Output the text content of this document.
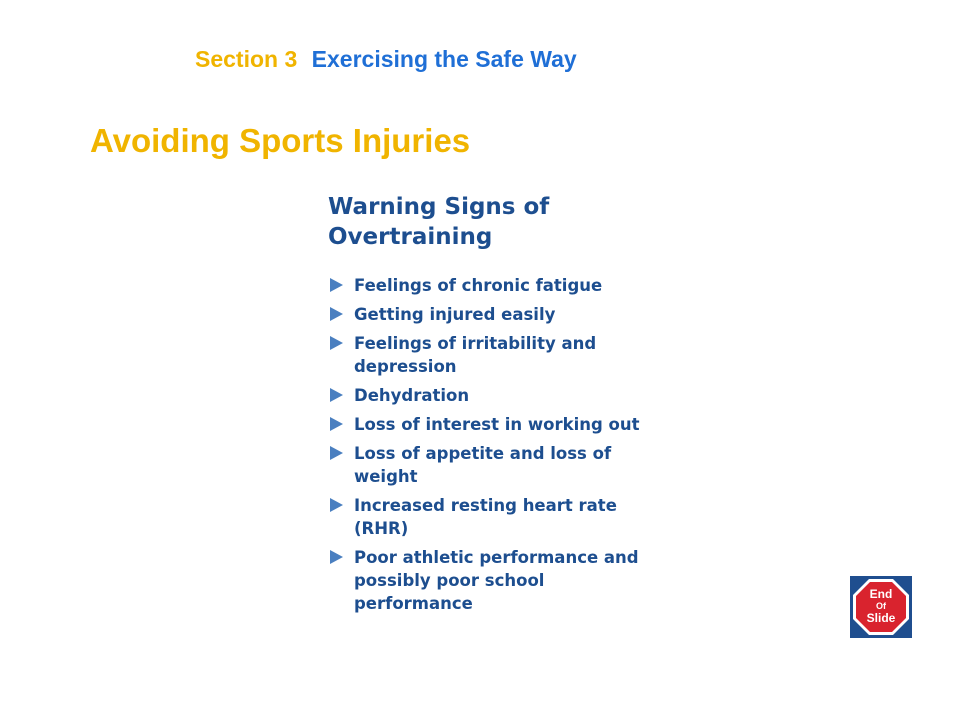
Section 3 Exercising the Safe Way
Avoiding Sports Injuries
Warning Signs of
Overtraining
Feelings of chronic fatigue
Getting injured easily
Feelings of irritability and depression
Dehydration
Loss of interest in working out
Loss of appetite and loss of weight
Increased resting heart rate (RHR)
Poor athletic performance and possibly poor school performance	End
Of
Slide
